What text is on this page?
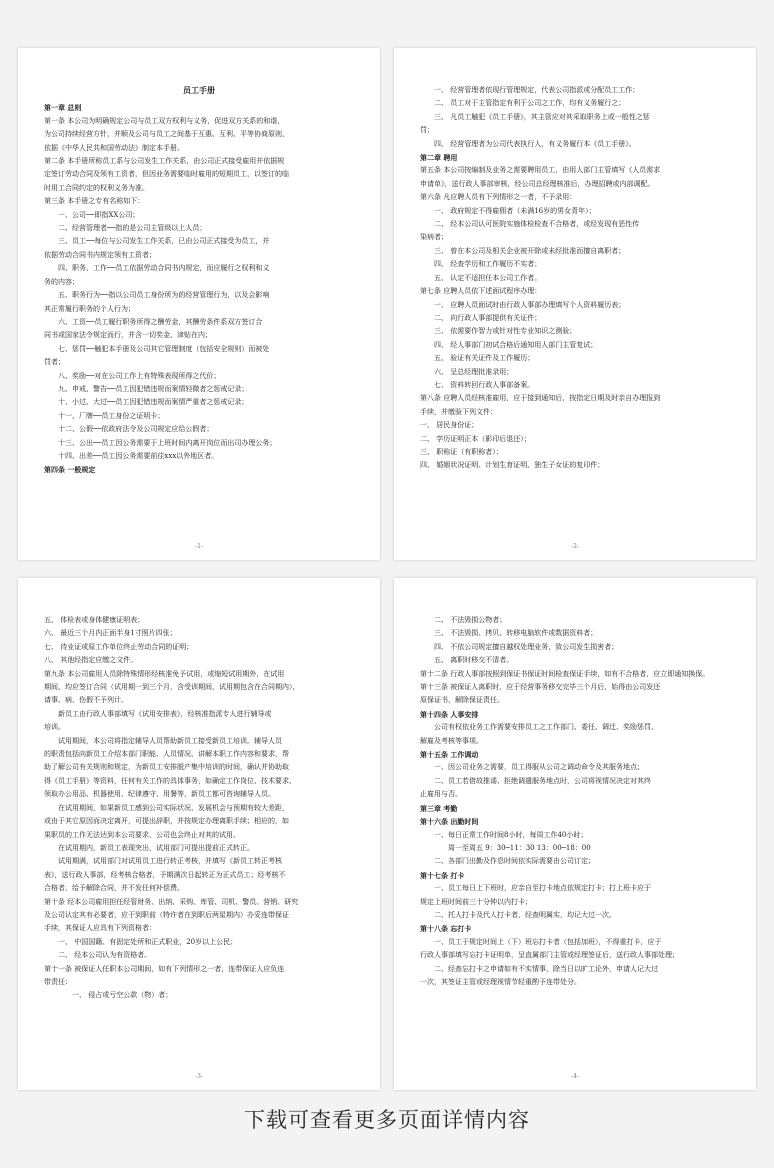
员工手册
第一章 总则
第一条 本公司为明确规定公司与员工双方权利与义务，促进双方关系的和谐，
为公司持续经营方针，并顺及公司与员工之间基于互惠、互利、平等协商原则，
依据《中华人民共和国劳动法》制定本手册。
第二条 本手册所称员工系与公司发生工作关系，由公司正式接受雇用并依据规
定签订劳动合同及领有工资者，但因业务需要临时雇用的短期员工，以签订的临
时用工合同约定的权利义务为准。
第三条 本手册之专有名称如下：
一、公司──即指XX公司；
二、经营管理者──指的是公司主管级以上人员；
三、员工──每位与公司发生工作关系，已由公司正式接受为员工，并
依据劳动合同书内规定领有工资者；
四、职务、工作──员工依据劳动合同书内规定，而应履行之权利和义
务的内容；
五、职务行为──指以公司员工身份所为的经营管理行为，以及会影响
其正常履行职务的个人行为；
六、工资──员工履行职务所得之酬劳金，其酬劳条件系双方签订合
同书或国家法令规定而行，并含一切奖金、津贴在内；
七、惩罚──触犯本手册及公司其它管理制度（包括安全规则）而被处
罚者；
八、奖励──对在公司工作上有特殊表现所得之代价；
九、申戒、警告──员工因犯错违规而案情轻微者之惩戒记录；
十、小过、大过──员工因犯错违规而案情严重者之惩戒记录；
十一、厂牌──员工身份之证明卡；
十二、公假──依政府法令及公司规定应给公假者；
十三、公出──员工因公务需要于上班时间内离开岗位而出司办理公务；
十四、出差──员工因公务需要前往xxx以外地区者。
第四条 一般规定
-1-
一、 经营管理者依现行管理规定，代表公司指派或分配员工工作；
二、 员工对于主管指定有利于公司之工作，均有义务履行之；
三、 凡员工触犯《员工手册》，其主管应对其采取职务上或一般性之惩
罚；
四、 经营管理者为公司代表执行人，有义务履行本《员工手册》。
第二章 聘用
第五条 本公司按编制及业务之需要聘用员工，由用人部门主管填写《人员需求
申请单》，送行政人事部审核，经公司总经理核准后，办理招聘或内部调配。
第六条 凡应聘人员有下列情形之一者，不予录用：
一、 政府规定不得雇佣者（未满16岁的男女青年）；
二、 经本公司认可医院实施体检检查不合格者，或经发现有恶性传
染病者；
三、 曾在本公司及相关企业被开除或未经批准而擅自离职者；
四、 经查学历和工作履历不实者；
五、 认定不适担任本公司工作者。
第七条 应聘人员依下述面试程序办理：
一、 应聘人员面试时由行政人事部办理填写个人资料履历表；
二、 向行政人事部提供有关证件；
三、 依需要作智力或针对性专业知识之测验；
四、 经人事部门初试合格后通知用人部门主管复试；
五、 验证有关证件及工作履历；
六、 呈总经理批准录用；
七、 资料转回行政人事部备案。
第八条 应聘人员经核准雇用，应于接到通知后，按指定日期及时亲自办理报到
手续，并缴验下列文件：
一、 居民身份证；
二、 学历证明正本（影印后退还）；
三、 职称证（有职称者）；
四、 婚姻状况证明、计划生育证明、独生子女证的复印件；
-2-
五、 体检表或身体健康证明表；
六、 最近三个月内正面半身1寸照片四张；
七、 待业证或原工作单位终止劳动合同的证明；
八、 其他经指定应缴之文件。
第九条 本公司雇用人员除特殊情形经核准免予试用，或缩短试用期外，在试用
期间，均应签订合同（试用期一到三个月，含受训期间，试用期包含在合同期内），
请事、病、伤假不予列计。
新员工由行政人事部填写《试用安排表》，经核准指派专人进行辅导或
培训。
试用期间，本公司将指定辅导人员帮助新员工接受新员工培训。辅导人员
的职责包括向新员工介绍本部门职能、人员情况、讲解本职工作内容和要求，帮
助了解公司有关规则和规定，为新员工安排脱产集中培训的时间，确认并协助取
得《员工手册》等资料，任何有关工作的具体事务，如确定工作岗位、技术要求、
领取办公用品、机器使用、纪律遵守、用餐等，新员工都可咨询辅导人员。
在试用期间，如果新员工感到公司实际状况、发展机会与预期有较大差距，
或由于其它原因而决定离开，可提出辞职，并按规定办理离职手续；相应的，如
果职员的工作无法达到本公司要求，公司也会终止对其的试用。
在试用期内，新员工表现突出，试用部门可提出提前正式转正。
试用期满，试用部门对试用员工进行转正考核，并填写《新员工转正考核
表》，送行政人事部，经考核合格者，予期满次日起转正为正式员工；经考核不
合格者，给予解除合同，并不发任何补偿费。
第十条 经本公司雇用担任经管财务、出纳、采购、库管、司机、警员、营销、研究
及公司认定其有必要者，应于到职前（特许者在到职后两星期内）办妥连带保证
手续，其保证人应具有下列资格者：
一、 中国国籍、有固定处所和正式职业，20岁以上公民；
二、 经本公司认为有资格者。
第十一条 被保证人任职本公司期间，如有下列情形之一者，连带保证人应负连
带责任：
一、 侵占或亏空公款（物）者；
-3-
二、 不法毁损公物者；
三、 不法毁损、拷贝、转移电脑软件或数据资料者；
四、 不依公司规定擅自越权处理业务，致公司发生损害者；
五、 离职时移交不清者。
第十二条 行政人事部按照到保证书保证时间检查保证手续，如有不合格者，应立即通知换保。
第十三条 被保证人离职时，应于经营事务移交完毕三个月后，始得由公司发还
原保证书，解除保证责任。
第十四条 人事安排
公司有权依业务工作需要安排员工之工作部门、委任、调迁、奖励惩罚、
解雇及考核等事项。
第十五条 工作调动
一、因公司业务之需要，员工得服从公司之调动命令及其服务地点；
二、员工若借故推诿、拒绝调遣服务地点时，公司将视情况决定对其终
止雇用与否。
第三章 考勤
第十六条 出勤时间
一、每日正常工作时间8小时，每周工作40小时；
周一至周五 9：30─11：30 13：00─18：00
二、各部门出勤及作息时间依实际需要由公司订定；
第十七条 打卡
一、员工每日上下班时，应亲自至打卡地点依规定打卡；打上班卡应于
规定上班时间前三十分钟以内打卡；
二、托人打卡及代人打卡者，经查明属实，均记大过一次。
第十八条 忘打卡
一、员工于规定时间上（下）班忘打卡者（包括加班），不得重打卡，应于
行政人事部填写忘打卡证明单，呈直属部门主管或经理签证后，送行政人事部处理；
二、经查忘打卡之申请如有不实情事，除当日以旷工论外，申请人记大过
一次，其签证主管或经理视情节轻重酌予连带处分。
-4-
下载可查看更多页面详情内容
